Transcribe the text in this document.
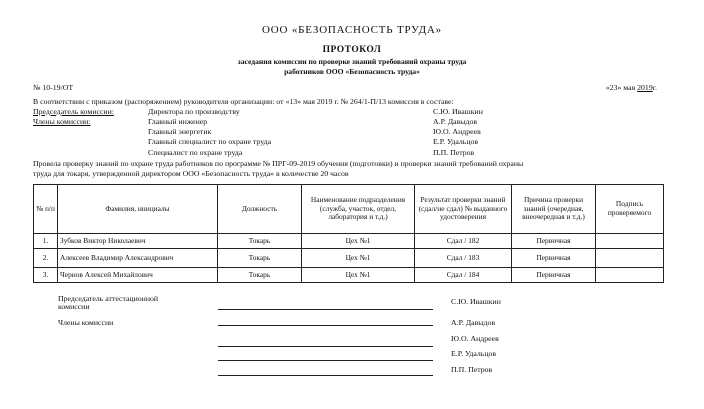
ООО «БЕЗОПАСНОСТЬ ТРУДА»
ПРОТОКОЛ
заседания комиссии по проверке знаний требований охраны труда
работников ООО «Безопасность труда»
№ 10-19/ОТ	«23» мая 2019г.
В соответствии с приказом (распоряжением) руководителя организации: от «13» мая 2019 г. № 264/1-П/13 комиссия в составе:
Председатель комиссии:	Директора по производству	С.Ю. Ивашкин
Члены комиссии:	Главный инженер	А.Р. Давыдов
Главный энергетик	Ю.О. Андреев
Главный специалист по охране труда	Е.Р. Удальцов
Специалист по охране труда	П.П. Петров
Провела проверку знаний по охране труда работников по программе № ПРГ-09-2019 обучения (подготовки) и проверки знаний требований охраны
труда для токаря, утвержденной директором ООО «Безопасность труда» в количестве 20 часов
№ п/п	Фамилия, инициалы	Должность	Наименование подразделения (служба, участок, отдел, лаборатория и т.д.)	Результат проверки знаний (сдал/не сдал) № выданного удостоверения	Причина проверки знаний (очередная, внеочередная и т.д.)	Подпись проверяемого
1.	Зубков Виктор Николаевич	Токарь	Цех №1	Сдал / 182	Первичная	
2.	Алексеев Владимир Александрович	Токарь	Цех №1	Сдал / 183	Первичная	
3.	Чернов Алексей Михайлович	Токарь	Цех №1	Сдал / 184	Первичная	
Председатель аттестационной
комиссии
С.Ю. Ивашкин
Члены комиссии	А.Р. Давыдов
Ю.О. Андреев
Е.Р. Удальцов
П.П. Петров
